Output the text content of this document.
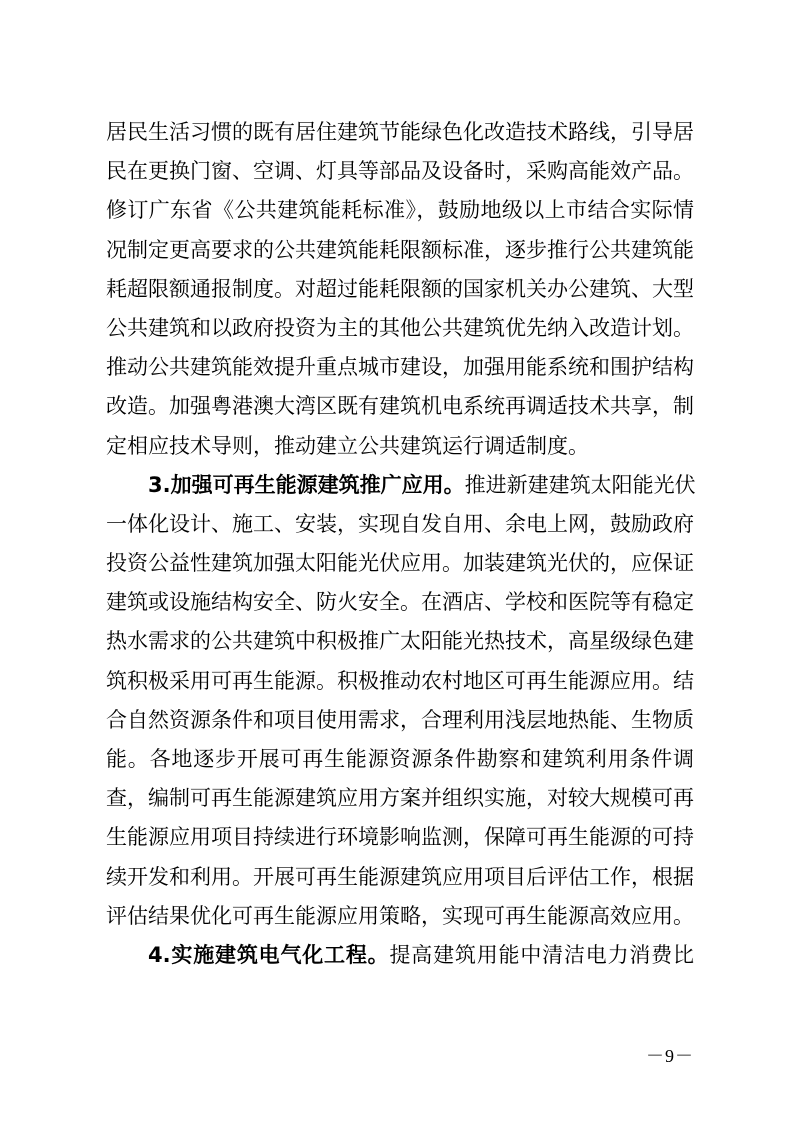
居民生活习惯的既有居住建筑节能绿色化改造技术路线，引导居
民在更换门窗、空调、灯具等部品及设备时，采购高能效产品。
修订广东省《公共建筑能耗标准》，鼓励地级以上市结合实际情
况制定更高要求的公共建筑能耗限额标准，逐步推行公共建筑能
耗超限额通报制度。对超过能耗限额的国家机关办公建筑、大型
公共建筑和以政府投资为主的其他公共建筑优先纳入改造计划。
推动公共建筑能效提升重点城市建设，加强用能系统和围护结构
改造。加强粤港澳大湾区既有建筑机电系统再调适技术共享，制
定相应技术导则，推动建立公共建筑运行调适制度。
3.加强可再生能源建筑推广应用。推进新建建筑太阳能光伏
一体化设计、施工、安装，实现自发自用、余电上网，鼓励政府
投资公益性建筑加强太阳能光伏应用。加装建筑光伏的，应保证
建筑或设施结构安全、防火安全。在酒店、学校和医院等有稳定
热水需求的公共建筑中积极推广太阳能光热技术，高星级绿色建
筑积极采用可再生能源。积极推动农村地区可再生能源应用。结
合自然资源条件和项目使用需求，合理利用浅层地热能、生物质
能。各地逐步开展可再生能源资源条件勘察和建筑利用条件调
查，编制可再生能源建筑应用方案并组织实施，对较大规模可再
生能源应用项目持续进行环境影响监测，保障可再生能源的可持
续开发和利用。开展可再生能源建筑应用项目后评估工作，根据
评估结果优化可再生能源应用策略，实现可再生能源高效应用。
4.实施建筑电气化工程。提高建筑用能中清洁电力消费比
－9－
